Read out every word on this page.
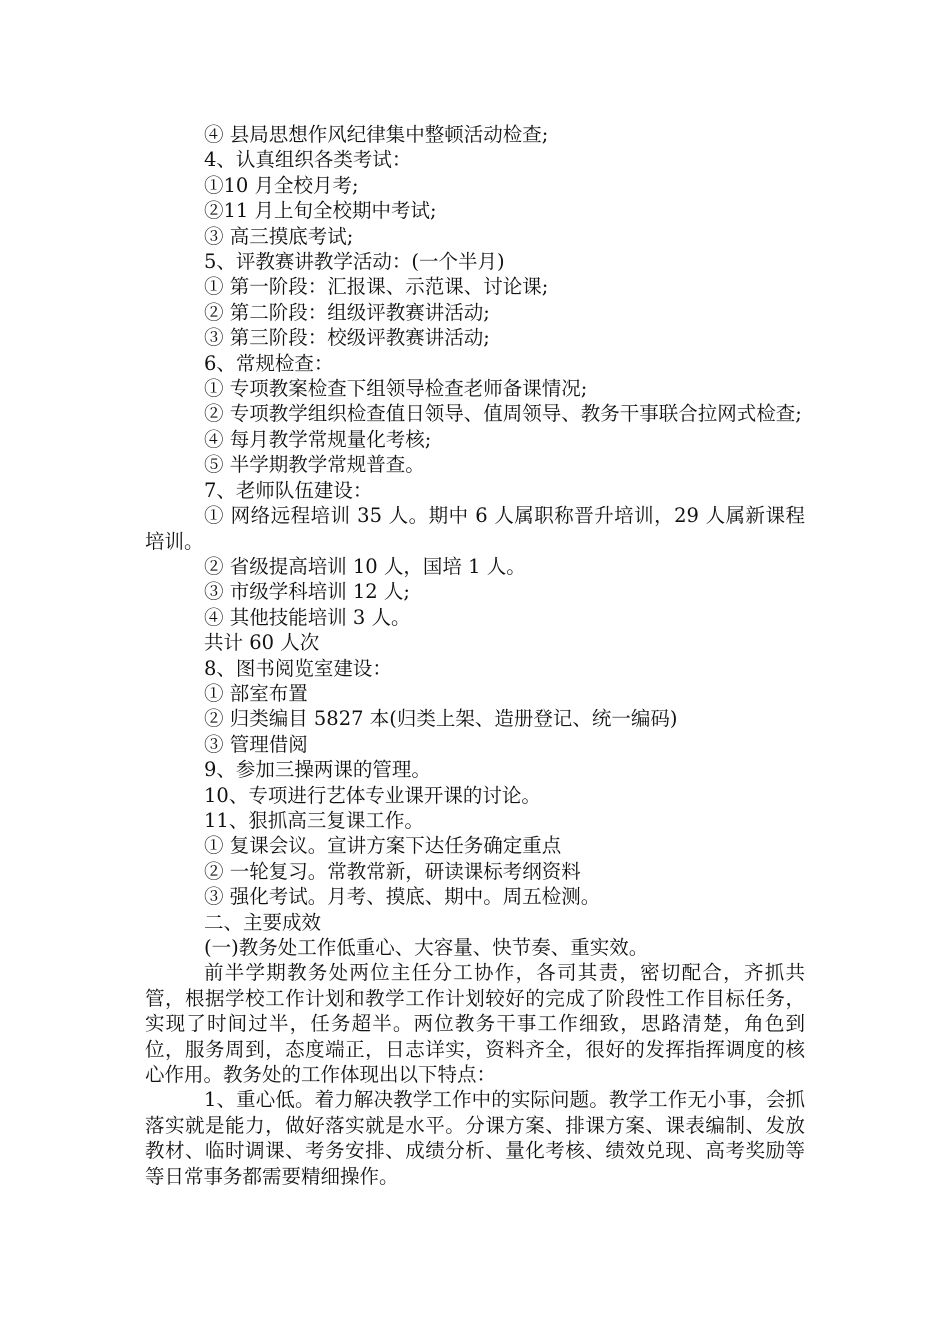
④ 县局思想作风纪律集中整顿活动检查;
4、认真组织各类考试：
①10 月全校月考;
②11 月上旬全校期中考试;
③ 高三摸底考试;
5、评教赛讲教学活动：(一个半月)
① 第一阶段：汇报课、示范课、讨论课;
② 第二阶段：组级评教赛讲活动;
③ 第三阶段：校级评教赛讲活动;
6、常规检查：
① 专项教案检查下组领导检查老师备课情况;
② 专项教学组织检查值日领导、值周领导、教务干事联合拉网式检查;
④ 每月教学常规量化考核;
⑤ 半学期教学常规普查。
7、老师队伍建设：
① 网络远程培训 35 人。期中 6 人属职称晋升培训，29 人属新课程培训。
② 省级提高培训 10 人，国培 1 人。
③ 市级学科培训 12 人;
④ 其他技能培训 3 人。
共计 60 人次
8、图书阅览室建设：
① 部室布置
② 归类编目 5827 本(归类上架、造册登记、统一编码)
③ 管理借阅
9、参加三操两课的管理。
10、专项进行艺体专业课开课的讨论。
11、狠抓高三复课工作。
① 复课会议。宣讲方案下达任务确定重点
② 一轮复习。常教常新，研读课标考纲资料
③ 强化考试。月考、摸底、期中。周五检测。
二、主要成效
(一)教务处工作低重心、大容量、快节奏、重实效。
前半学期教务处两位主任分工协作，各司其责，密切配合，齐抓共管，根据学校工作计划和教学工作计划较好的完成了阶段性工作目标任务，实现了时间过半，任务超半。两位教务干事工作细致，思路清楚，角色到位，服务周到，态度端正，日志详实，资料齐全，很好的发挥指挥调度的核心作用。教务处的工作体现出以下特点：
1、重心低。着力解决教学工作中的实际问题。教学工作无小事，会抓落实就是能力，做好落实就是水平。分课方案、排课方案、课表编制、发放教材、临时调课、考务安排、成绩分析、量化考核、绩效兑现、高考奖励等等日常事务都需要精细操作。
